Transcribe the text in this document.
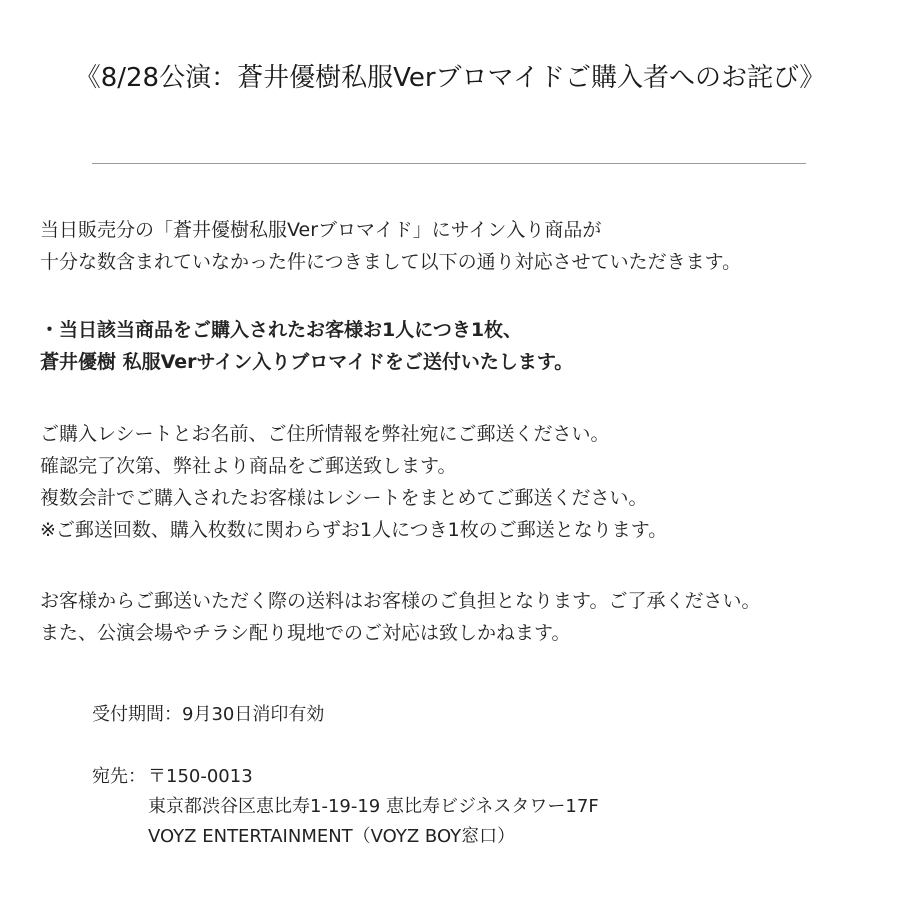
《8/28公演：蒼井優樹私服Verブロマイドご購入者へのお詫び》
当日販売分の「蒼井優樹私服Verブロマイド」にサイン入り商品が
十分な数含まれていなかった件につきまして以下の通り対応させていただきます。
・当日該当商品をご購入されたお客様お1人につき1枚、
蒼井優樹 私服Verサイン入りブロマイドをご送付いたします。
ご購入レシートとお名前、ご住所情報を弊社宛にご郵送ください。
確認完了次第、弊社より商品をご郵送致します。
複数会計でご購入されたお客様はレシートをまとめてご郵送ください。
※ご郵送回数、購入枚数に関わらずお1人につき1枚のご郵送となります。
お客様からご郵送いただく際の送料はお客様のご負担となります。ご了承ください。
また、公演会場やチラシ配り現地でのご対応は致しかねます。
受付期間：9月30日消印有効
宛先： 〒150-0013
東京都渋谷区恵比寿1-19-19 恵比寿ビジネスタワー17F
VOYZ ENTERTAINMENT（VOYZ BOY窓口）
